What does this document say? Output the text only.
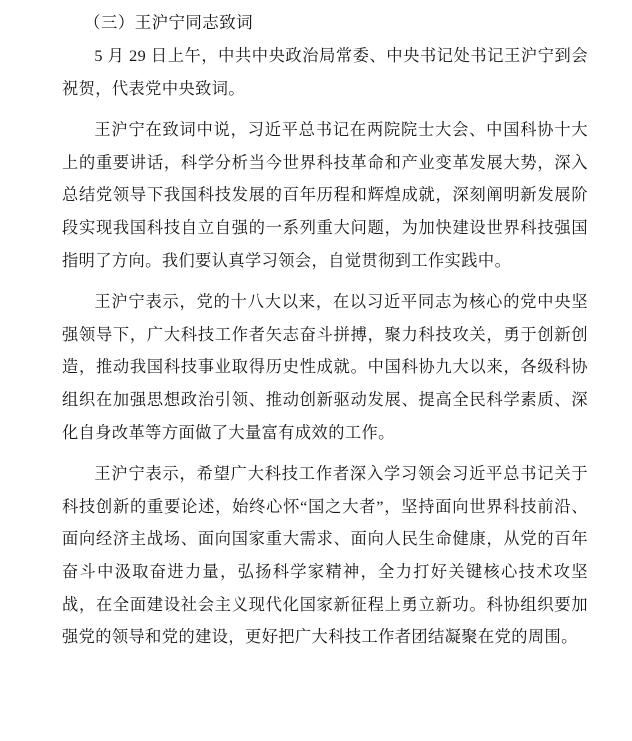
（三）王沪宁同志致词

5 月 29 日上午，中共中央政治局常委、中央书记处书记王沪宁到会祝贺，代表党中央致词。

王沪宁在致词中说，习近平总书记在两院院士大会、中国科协十大上的重要讲话，科学分析当今世界科技革命和产业变革发展大势，深入总结党领导下我国科技发展的百年历程和辉煌成就，深刻阐明新发展阶段实现我国科技自立自强的一系列重大问题，为加快建设世界科技强国指明了方向。我们要认真学习领会，自觉贯彻到工作实践中。

王沪宁表示，党的十八大以来，在以习近平同志为核心的党中央坚强领导下，广大科技工作者矢志奋斗拼搏，聚力科技攻关，勇于创新创造，推动我国科技事业取得历史性成就。中国科协九大以来，各级科协组织在加强思想政治引领、推动创新驱动发展、提高全民科学素质、深化自身改革等方面做了大量富有成效的工作。

王沪宁表示，希望广大科技工作者深入学习领会习近平总书记关于科技创新的重要论述，始终心怀“国之大者”，坚持面向世界科技前沿、面向经济主战场、面向国家重大需求、面向人民生命健康，从党的百年奋斗中汲取奋进力量，弘扬科学家精神，全力打好关键核心技术攻坚战，在全面建设社会主义现代化国家新征程上勇立新功。科协组织要加强党的领导和党的建设，更好把广大科技工作者团结凝聚在党的周围。
